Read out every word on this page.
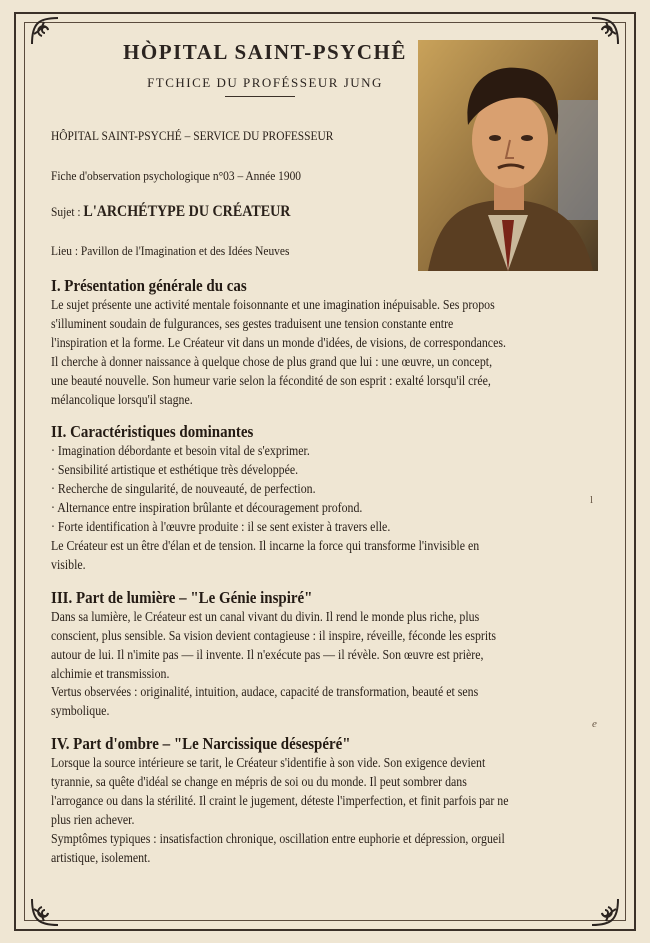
HÒPITAL SAINT-PSYCHÊ
FTCHICE DU PROFÉSSEUR JUNG
HÔPITAL SAINT-PSYCHÉ – SERVICE DU PROFESSEUR
Fiche d'observation psychologique n°03 – Année 1900
Sujet : L'ARCHÉTYPE DU CRÉATEUR
Lieu : Pavillon de l'Imagination et des Idées Neuves
I. Présentation générale du cas

Le sujet présente une activité mentale foisonnante et une imagination inépuisable. Ses propos

s'illuminent soudain de fulgurances, ses gestes traduisent une tension constante entre

l'inspiration et la forme. Le Créateur vit dans un monde d'idées, de visions, de correspondances.

Il cherche à donner naissance à quelque chose de plus grand que lui : une œuvre, un concept,

une beauté nouvelle. Son humeur varie selon la fécondité de son esprit : exalté lorsqu'il crée,

mélancolique lorsqu'il stagne.

II. Caractéristiques dominantes
· Imagination débordante et besoin vital de s'exprimer.
· Sensibilité artistique et esthétique très développée.
· Recherche de singularité, de nouveauté, de perfection.
· Alternance entre inspiration brûlante et découragement profond.
· Forte identification à l'œuvre produite : il se sent exister à travers elle.

Le Créateur est un être d'élan et de tension. Il incarne la force qui transforme l'invisible en

visible.

III. Part de lumière – "Le Génie inspiré"

Dans sa lumière, le Créateur est un canal vivant du divin. Il rend le monde plus riche, plus

conscient, plus sensible. Sa vision devient contagieuse : il inspire, réveille, féconde les esprits

autour de lui. Il n'imite pas — il invente. Il n'exécute pas — il révèle. Son œuvre est prière,

alchimie et transmission.

Vertus observées : originalité, intuition, audace, capacité de transformation, beauté et sens

symbolique.

IV. Part d'ombre – "Le Narcissique désespéré"

Lorsque la source intérieure se tarit, le Créateur s'identifie à son vide. Son exigence devient

tyrannie, sa quête d'idéal se change en mépris de soi ou du monde. Il peut sombrer dans

l'arrogance ou dans la stérilité. Il craint le jugement, déteste l'imperfection, et finit parfois par ne

plus rien achever.

Symptômes typiques : insatisfaction chronique, oscillation entre euphorie et dépression, orgueil

artistique, isolement.

l
e
